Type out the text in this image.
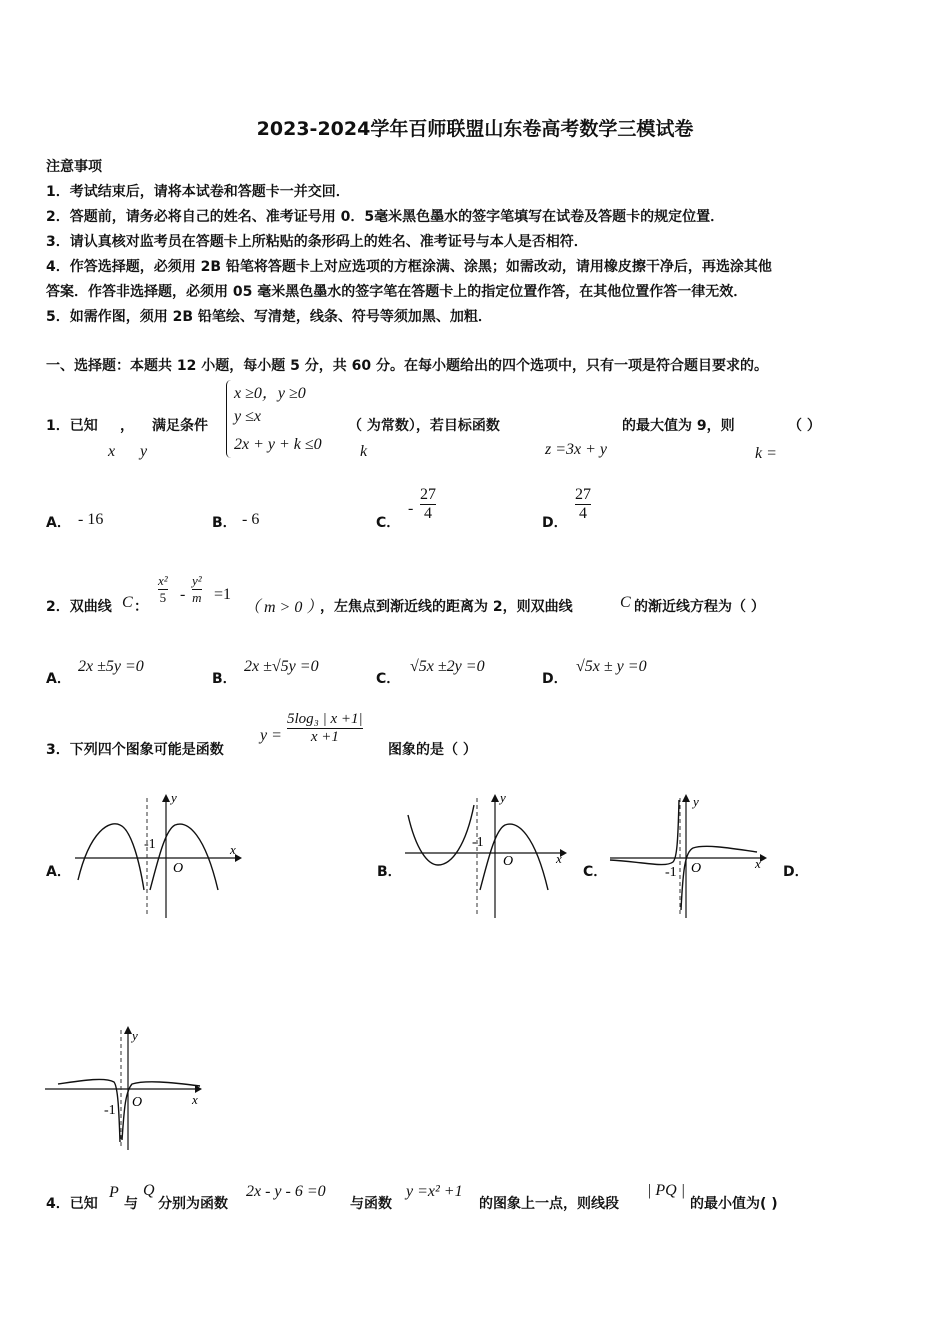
2023-2024学年百师联盟山东卷高考数学三模试卷
注意事项
1．考试结束后，请将本试卷和答题卡一并交回．
2．答题前，请务必将自己的姓名、准考证号用 0．5毫米黑色墨水的签字笔填写在试卷及答题卡的规定位置．
3．请认真核对监考员在答题卡上所粘贴的条形码上的姓名、准考证号与本人是否相符．
4．作答选择题，必须用 2B 铅笔将答题卡上对应选项的方框涂满、涂黑；如需改动，请用橡皮擦干净后，再选涂其他
答案．作答非选择题，必须用 05 毫米黑色墨水的签字笔在答题卡上的指定位置作答，在其他位置作答一律无效．
5．如需作图，须用 2B 铅笔绘、写清楚，线条、符号等须加黑、加粗．
一、选择题：本题共 12 小题，每小题 5 分，共 60 分。在每小题给出的四个选项中，只有一项是符合题目要求的。
1．已知 ， 满足条件
x y
x ≥0，y ≥0
y ≤x
2x + y + k ≤0 k
（ 为常数），若目标函数
z =3x + y
的最大值为 9，则	（ ）
k =
A． - 16	B． - 6	C．
-
27
4
D．
27
4
2．双曲线 C ：
x²
5 -
y²
m =1
（ m > 0 ）
，左焦点到渐近线的距离为 2，则双曲线	C 的渐近线方程为（ ）
A．
2x ±5y =0
B．
2x ±√5y =0
C．
√5x ±2y =0
D．
√5x ± y =0
3．下列四个图象可能是函数
y =
5log₃ | x +1|
x +1
图象的是（ ）
A．
y
x
O
-1
B．
y
x
O
-1
C．
y
x
O
-1	D．
y
x
O
-1
4．已知
P
与
Q
分别为函数
2x - y - 6 =0
与函数
y =x² +1
的图象上一点，则线段
| PQ |
的最小值为( )
